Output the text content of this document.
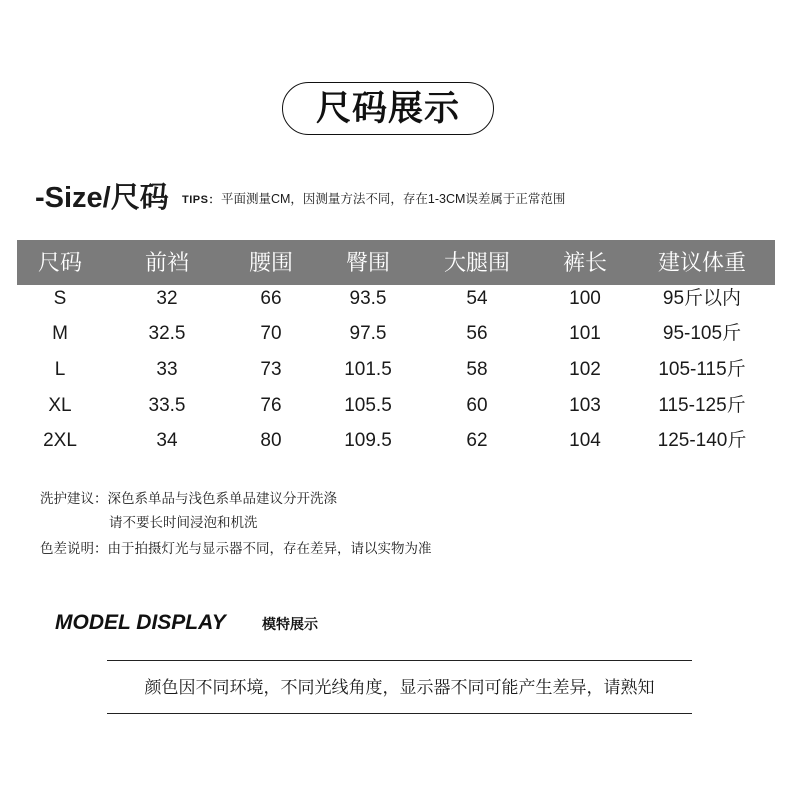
尺码展示
-Size/尺码 TIPS：平面测量CM，因测量方法不同，存在1-3CM误差属于正常范围
尺码	前裆	腰围	臀围	大腿围	裤长	建议体重
S	32	66	93.5	54	100	95斤以内
M	32.5	70	97.5	56	101	95-105斤
L	33	73	101.5	58	102	105-115斤
XL	33.5	76	105.5	60	103	115-125斤
2XL	34	80	109.5	62	104	125-140斤
洗护建议：深色系单品与浅色系单品建议分开洗涤
请不要长时间浸泡和机洗
色差说明：由于拍摄灯光与显示器不同，存在差异，请以实物为准
MODEL DISPLAY	模特展示
颜色因不同环境，不同光线角度，显示器不同可能产生差异，请熟知
